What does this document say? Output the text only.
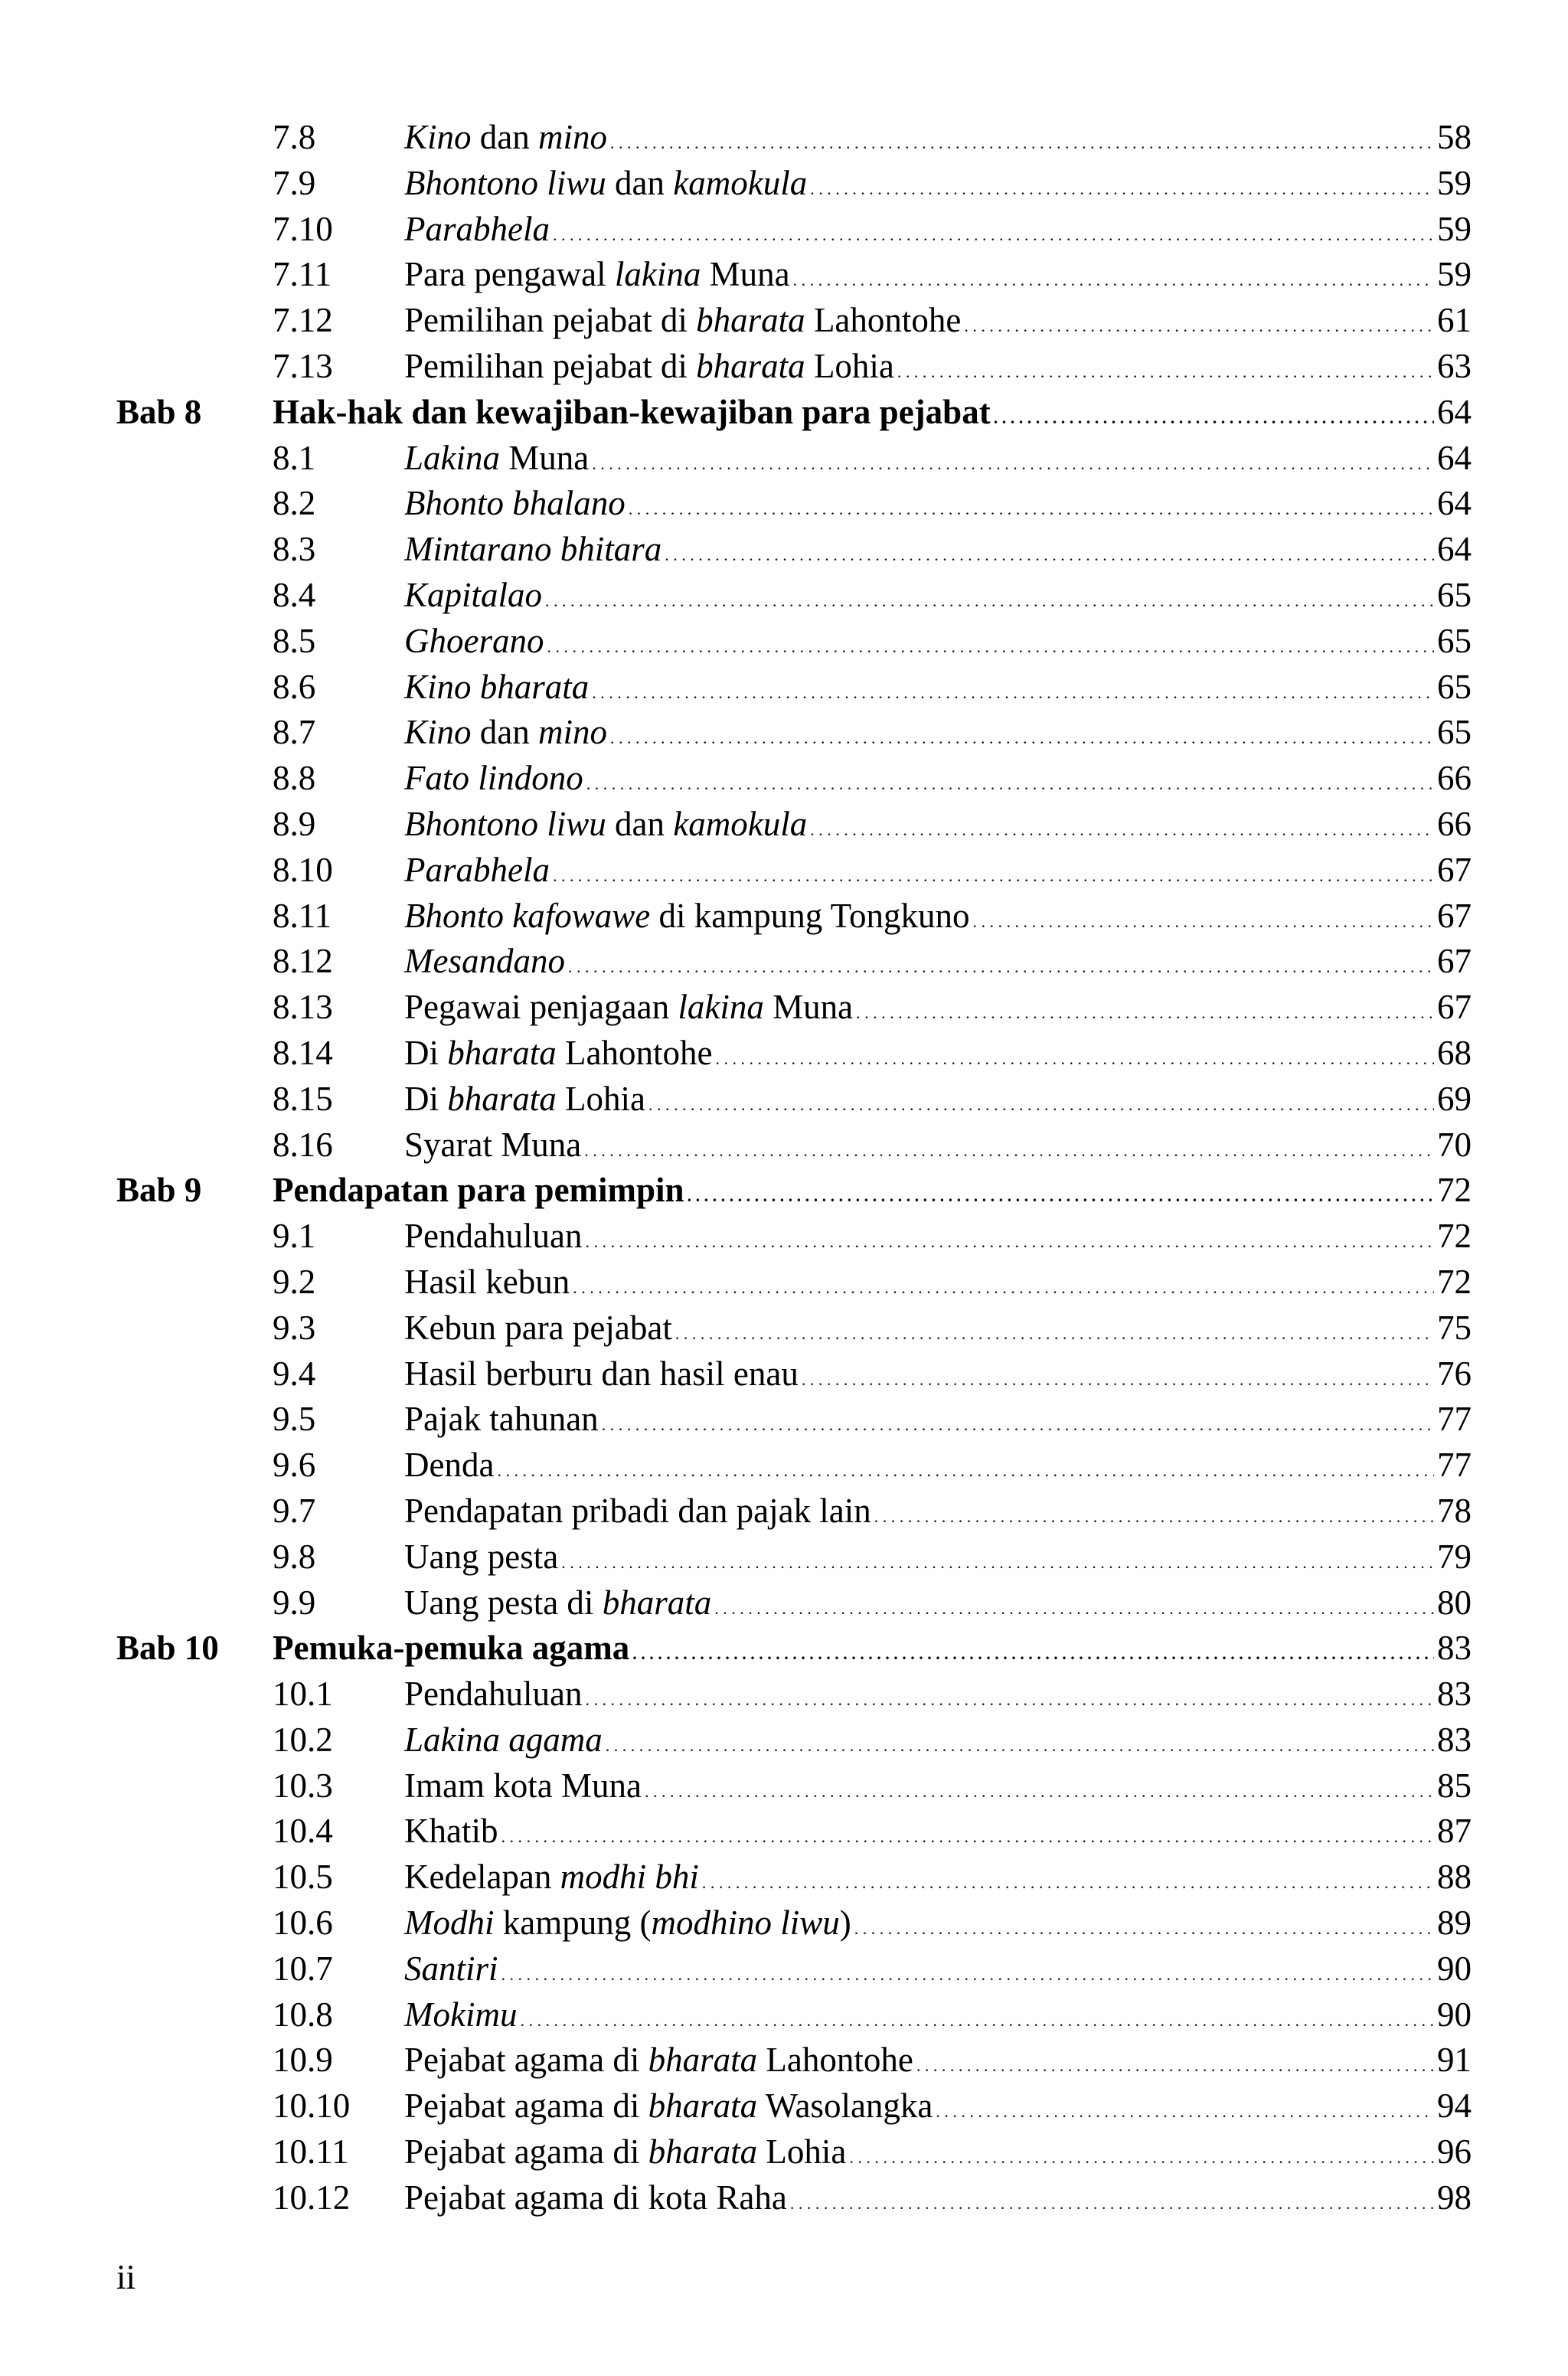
7.8	Kino dan mino . . .	58
7.9	Bhontono liwu dan kamokula . . .	59
7.10 Parabhela . . .	59
7.11 Para pengawal lakina Muna . . .	59
7.12 Pemilihan pejabat di bharata Lahontohe . . .	61
7.13 Pemilihan pejabat di bharata Lohia . . .	63
Bab 8 Hak-hak dan kewajiban-kewajiban para pejabat . . .	64
8.1	Lakina Muna . . .	64
8.2	Bhonto bhalano . . .	64
8.3	Mintarano bhitara . . .	64
8.4	Kapitalao . . .	65
8.5	Ghoerano . . .	65
8.6	Kino bharata . . .	65
8.7	Kino dan mino . . .	65
8.8	Fato lindono . . .	66
8.9	Bhontono liwu dan kamokula . . .	66
8.10 Parabhela . . .	67
8.11 Bhonto kafowawe di kampung Tongkuno . . .	67
8.12 Mesandano . . .	67
8.13 Pegawai penjagaan lakina Muna . . .	67
8.14 Di bharata Lahontohe . . .	68
8.15 Di bharata Lohia . . .	69
8.16 Syarat Muna . . .	70
Bab 9 Pendapatan para pemimpin . . .	72
9.1	Pendahuluan . . .	72
9.2	Hasil kebun . . .	72
9.3	Kebun para pejabat . . .	75
9.4	Hasil berburu dan hasil enau . . .	76
9.5	Pajak tahunan . . .	77
9.6	Denda . . .	77
9.7	Pendapatan pribadi dan pajak lain . . .	78
9.8	Uang pesta . . .	79
9.9	Uang pesta di bharata . . .	80
Bab 10 Pemuka-pemuka agama . . .	83
10.1 Pendahuluan . . .	83
10.2 Lakina agama . . .	83
10.3 Imam kota Muna . . .	85
10.4 Khatib . . .	87
10.5 Kedelapan modhi bhi . . .	88
10.6 Modhi kampung (modhino liwu) . . .	89
10.7 Santiri . . .	90
10.8 Mokimu . . .	90
10.9 Pejabat agama di bharata Lahontohe . . .	91
10.10 Pejabat agama di bharata Wasolangka . . .	94
10.11 Pejabat agama di bharata Lohia . . .	96
10.12 Pejabat agama di kota Raha . . .	98
ii
